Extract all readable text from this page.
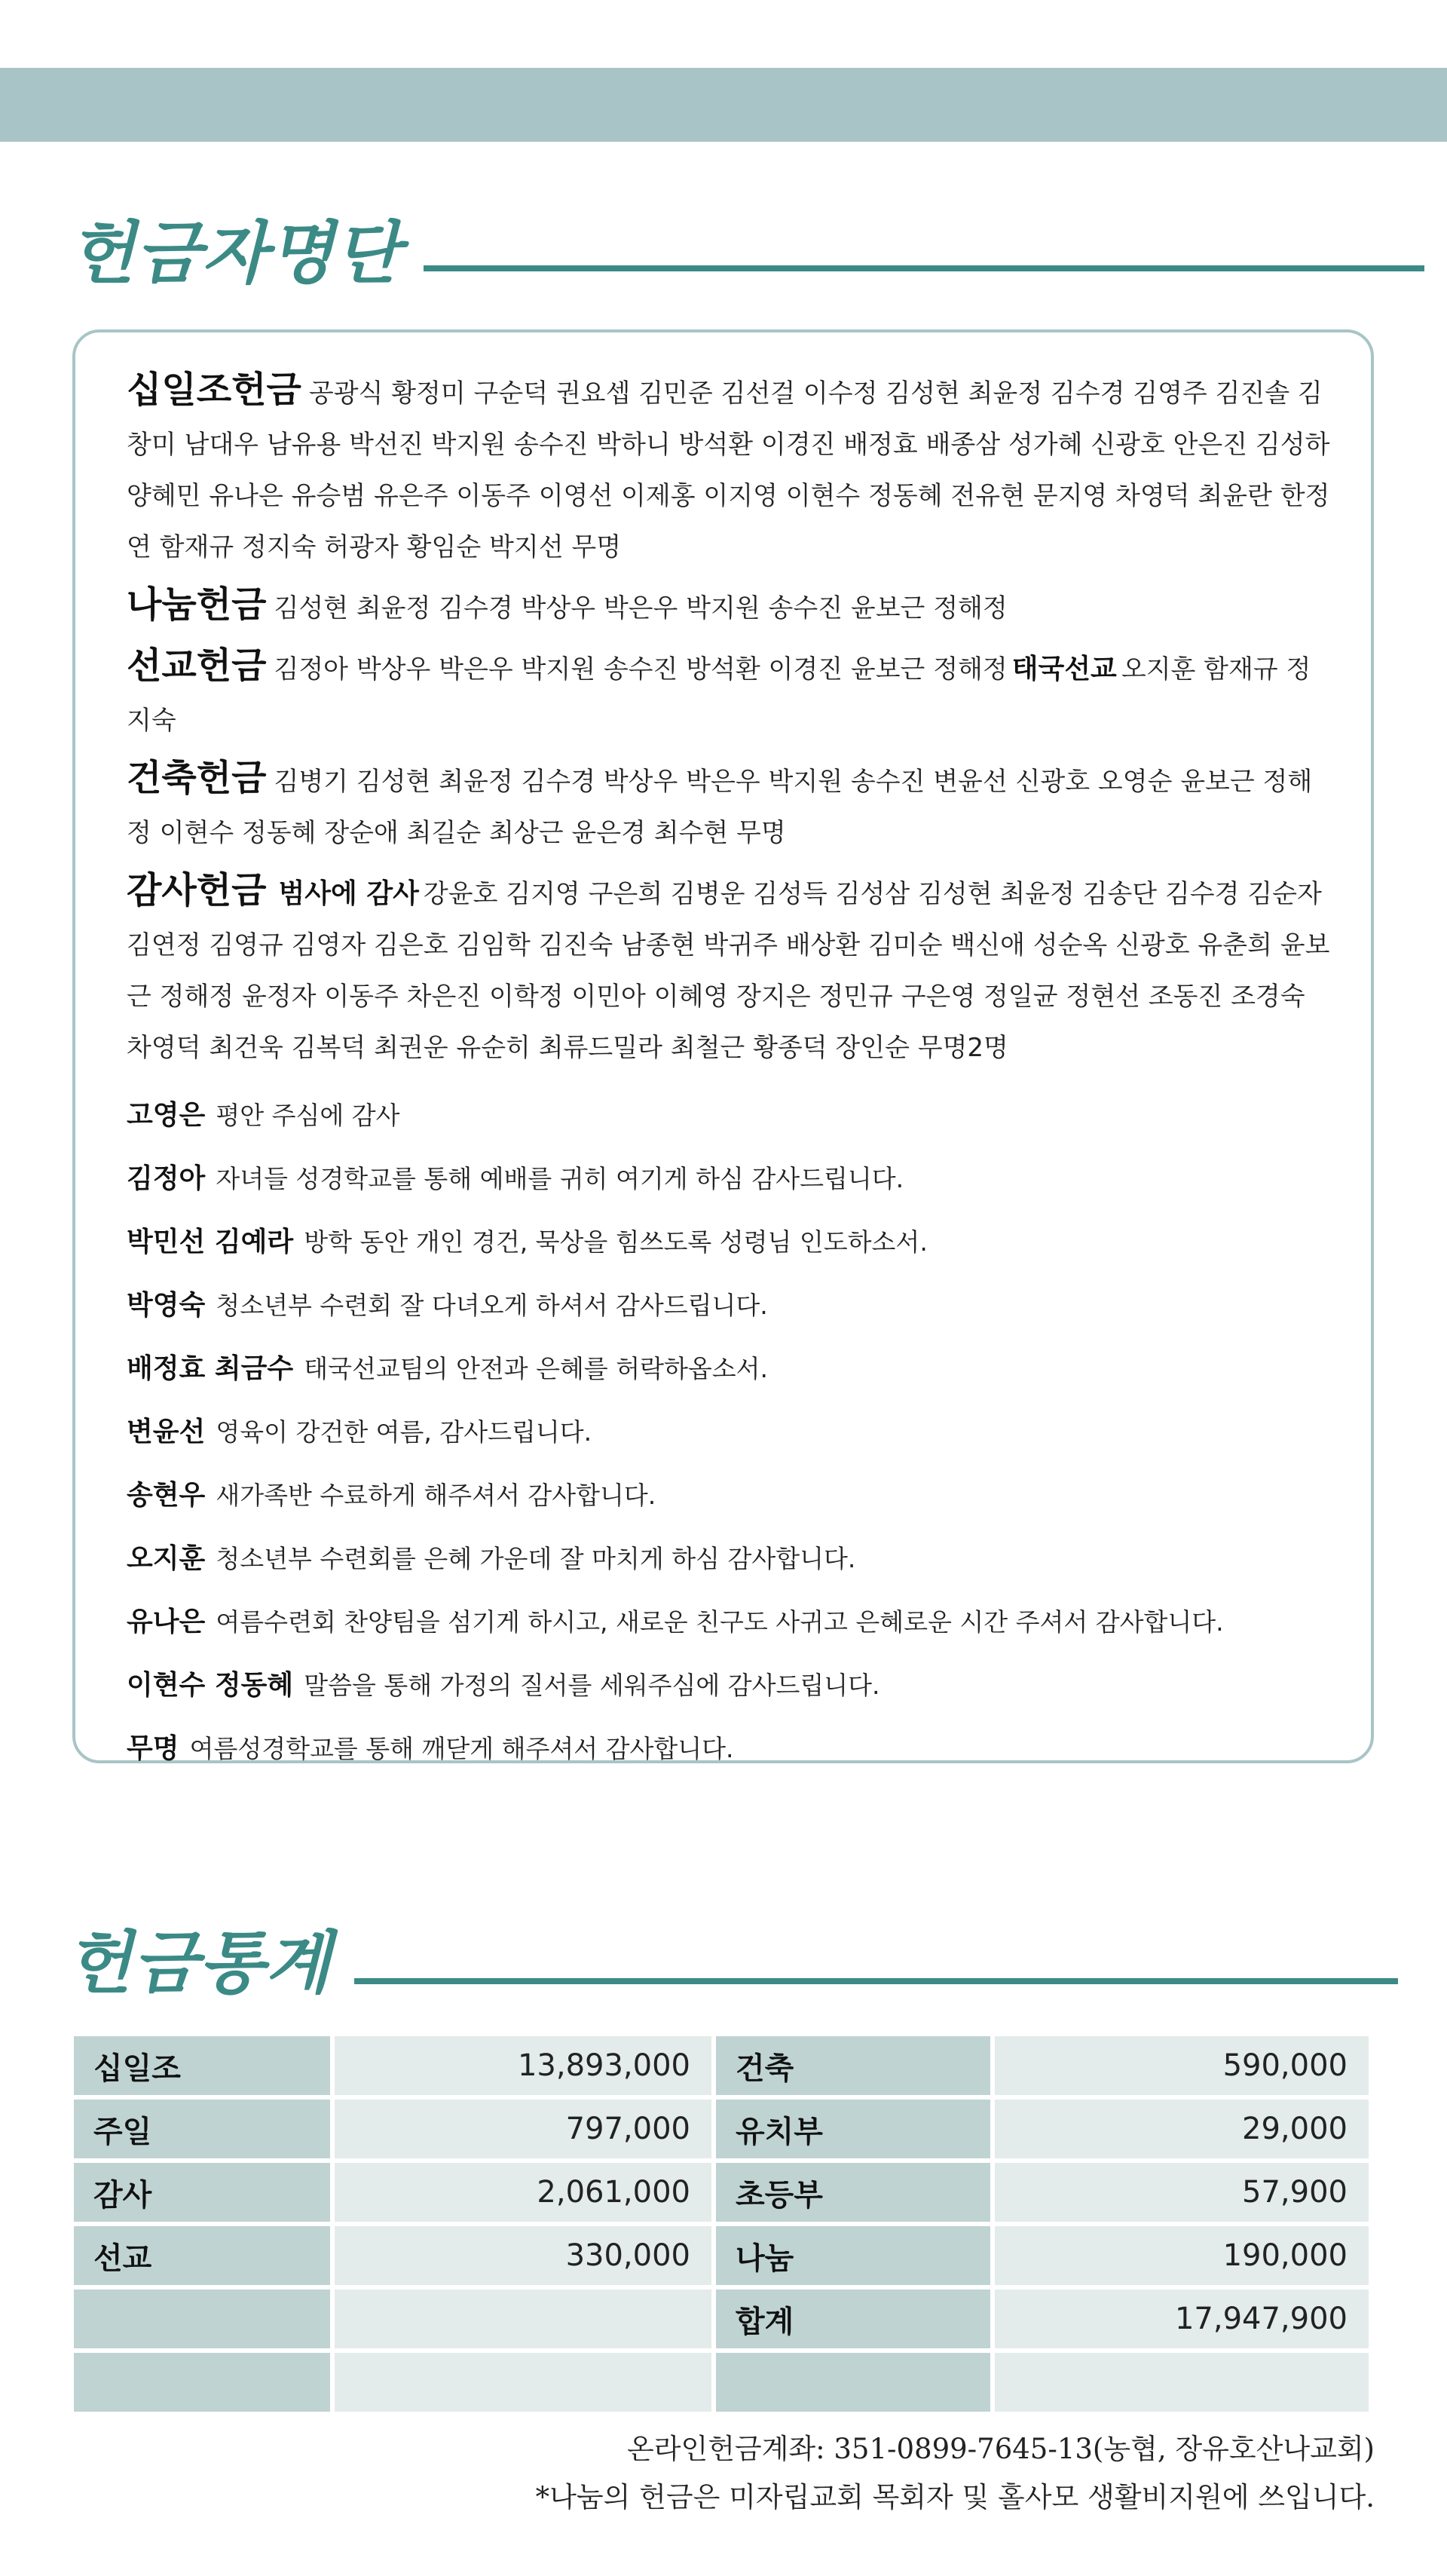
헌금자명단

십일조헌금 공광식 황정미 구순덕 권요셉 김민준 김선걸 이수정 김성현 최윤정 김수경 김영주 김진솔 김창미 남대우 남유용 박선진 박지원 송수진 박하니 방석환 이경진 배정효 배종삼 성가혜 신광호 안은진 김성하 양혜민 유나은 유승범 유은주 이동주 이영선 이제홍 이지영 이현수 정동혜 전유현 문지영 차영덕 최윤란 한정연 함재규 정지숙 허광자 황임순 박지선 무명

나눔헌금 김성현 최윤정 김수경 박상우 박은우 박지원 송수진 윤보근 정해정

선교헌금 김정아 박상우 박은우 박지원 송수진 방석환 이경진 윤보근 정해정 태국선교 오지훈 함재규 정지숙

건축헌금 김병기 김성현 최윤정 김수경 박상우 박은우 박지원 송수진 변윤선 신광호 오영순 윤보근 정해정 이현수 정동혜 장순애 최길순 최상근 윤은경 최수현 무명

감사헌금 범사에 감사 강윤호 김지영 구은희 김병운 김성득 김성삼 김성현 최윤정 김송단 김수경 김순자 김연정 김영규 김영자 김은호 김임학 김진숙 남종현 박귀주 배상환 김미순 백신애 성순옥 신광호 유춘희 윤보근 정해정 윤정자 이동주 차은진 이학정 이민아 이혜영 장지은 정민규 구은영 정일균 정현선 조동진 조경숙 차영덕 최건욱 김복덕 최권운 유순히 최류드밀라 최철근 황종덕 장인순 무명2명

고영은 평안 주심에 감사

김정아 자녀들 성경학교를 통해 예배를 귀히 여기게 하심 감사드립니다.

박민선 김예라 방학 동안 개인 경건, 묵상을 힘쓰도록 성령님 인도하소서.

박영숙 청소년부 수련회 잘 다녀오게 하셔서 감사드립니다.

배정효 최금수 태국선교팀의 안전과 은혜를 허락하옵소서.

변윤선 영육이 강건한 여름, 감사드립니다.

송현우 새가족반 수료하게 해주셔서 감사합니다.

오지훈 청소년부 수련회를 은혜 가운데 잘 마치게 하심 감사합니다.

유나은 여름수련회 찬양팀을 섬기게 하시고, 새로운 친구도 사귀고 은혜로운 시간 주셔서 감사합니다.

이현수 정동혜 말씀을 통해 가정의 질서를 세워주심에 감사드립니다.

무명 여름성경학교를 통해 깨닫게 해주셔서 감사합니다.

헌금통계
십일조	13,893,000	건축	590,000
주일	797,000	유치부	29,000
감사	2,061,000	초등부	57,900
선교	330,000	나눔	190,000
		합계	17,947,900

온라인헌금계좌: 351-0899-7645-13(농협, 장유호산나교회)

*나눔의 헌금은 미자립교회 목회자 및 홀사모 생활비지원에 쓰입니다.
